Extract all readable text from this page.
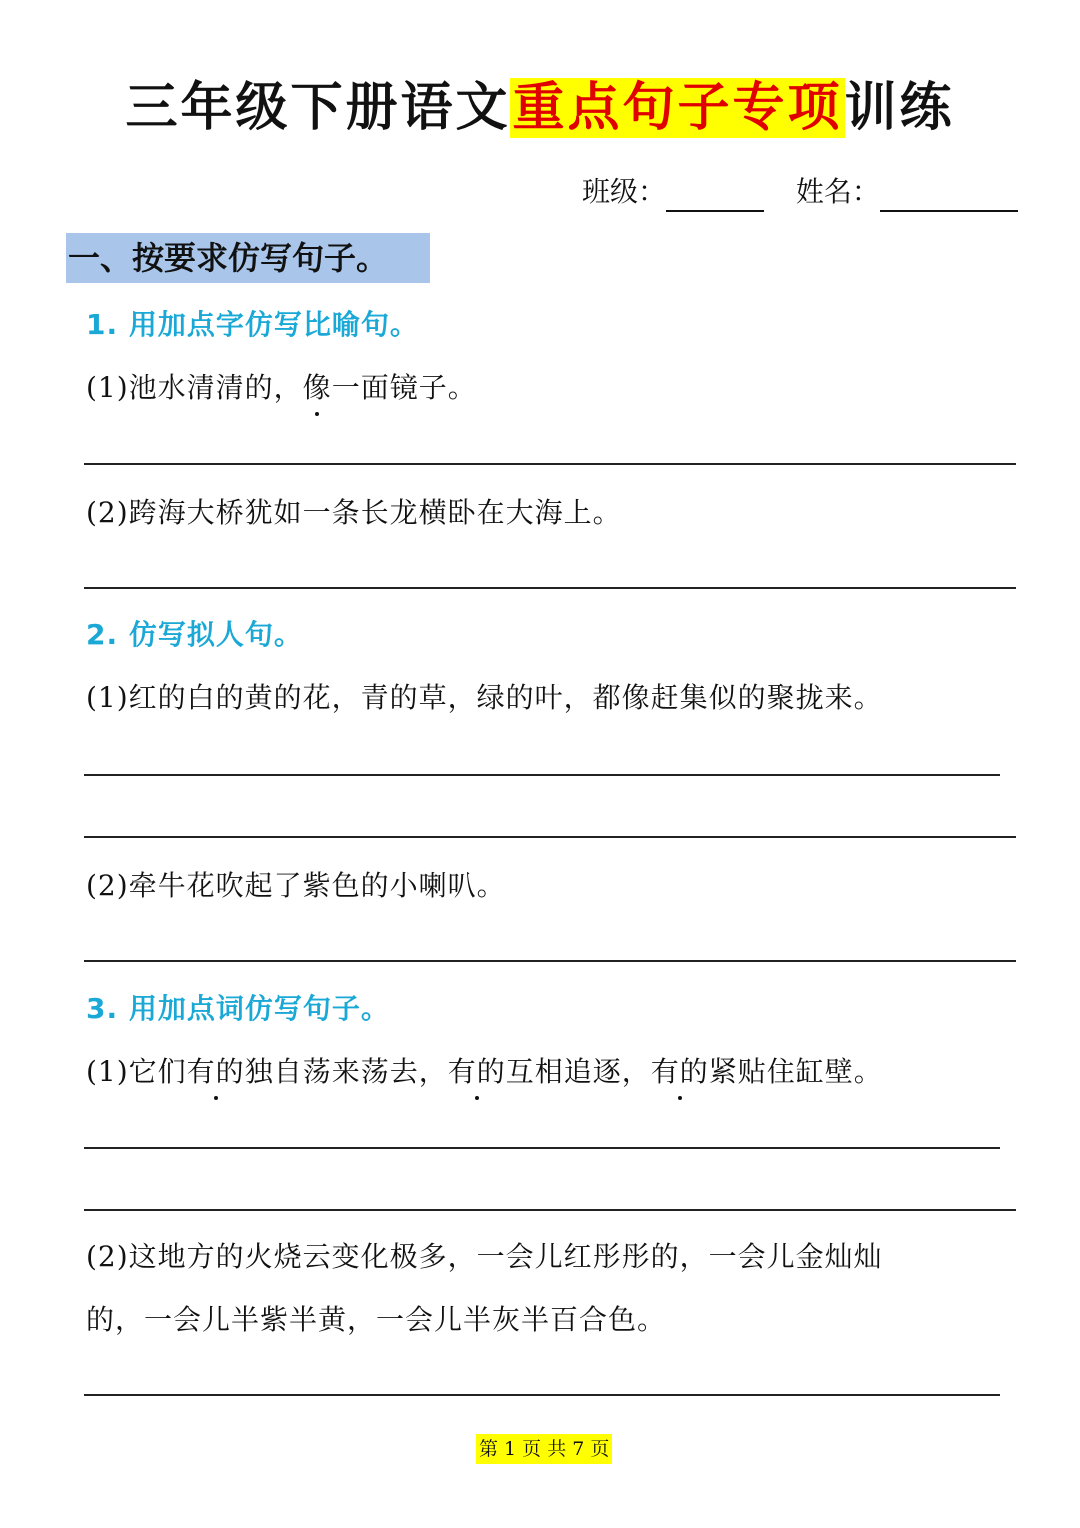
三年级下册语文重点句子专项训练
班级：	姓名：
一、按要求仿写句子。
1. 用加点字仿写比喻句。
(1)池水清清的，像一面镜子。
(2)跨海大桥犹如一条长龙横卧在大海上。
2. 仿写拟人句。
(1)红的白的黄的花，青的草，绿的叶，都像赶集似的聚拢来。
(2)牵牛花吹起了紫色的小喇叭。
3. 用加点词仿写句子。
(1)它们有的独自荡来荡去，有的互相追逐，有的紧贴住缸壁。
(2)这地方的火烧云变化极多，一会儿红彤彤的，一会儿金灿灿
的，一会儿半紫半黄，一会儿半灰半百合色。
第 1 页 共 7 页
